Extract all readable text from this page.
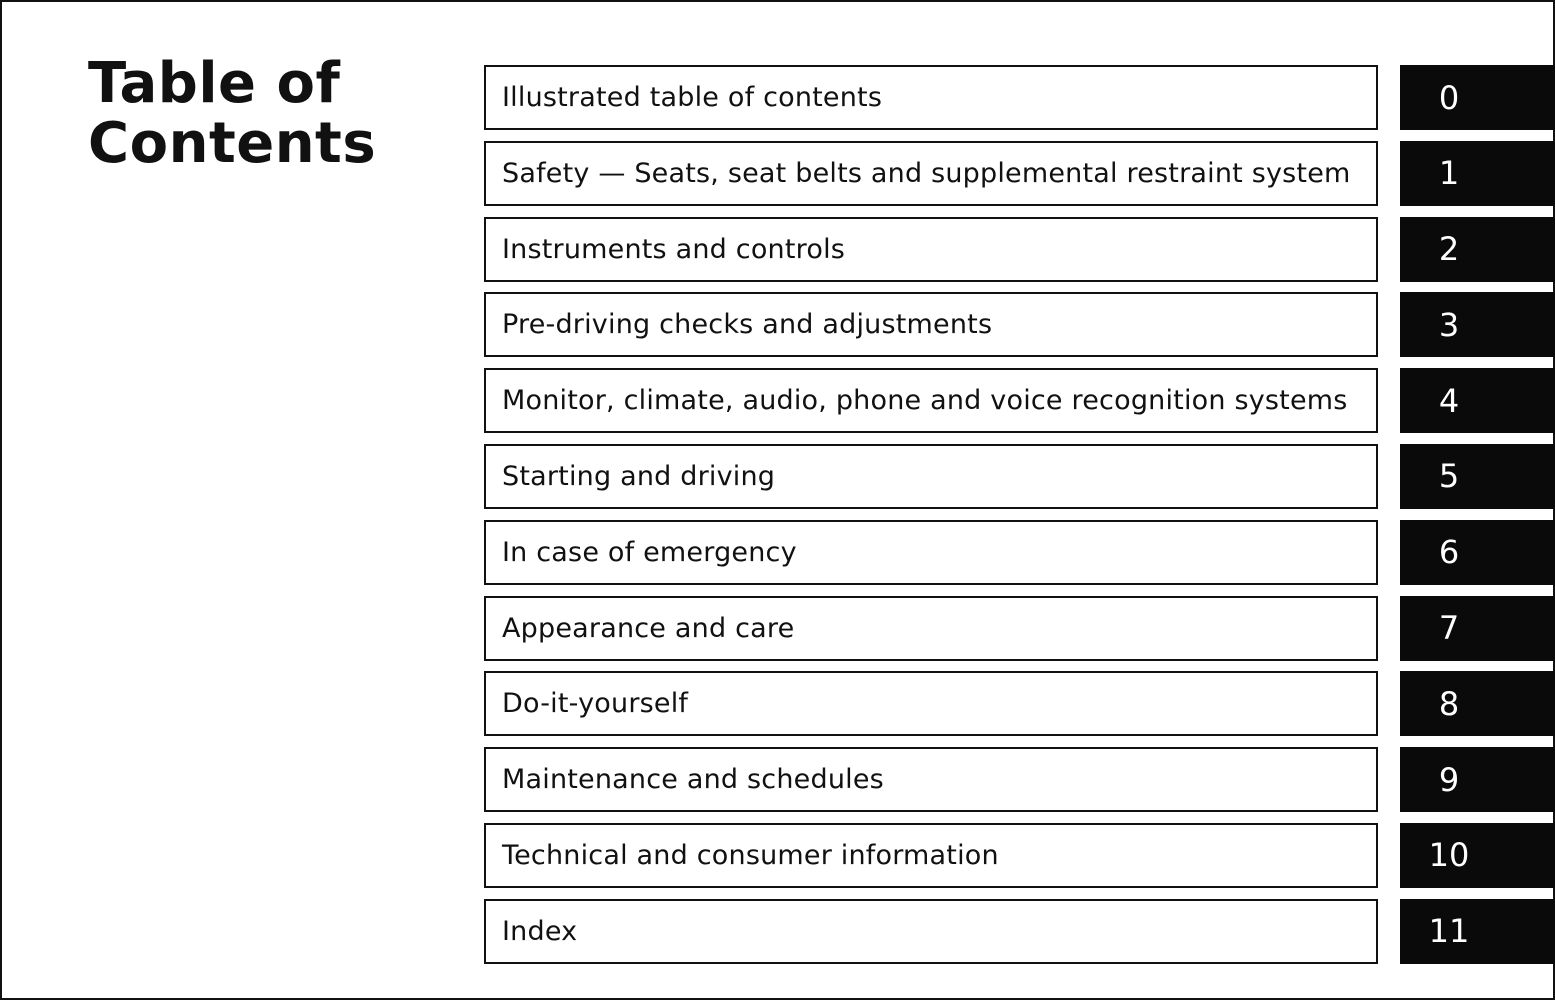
Table of
Contents
Illustrated table of contents	0
Safety — Seats, seat belts and supplemental restraint system	1
Instruments and controls	2
Pre-driving checks and adjustments	3
Monitor, climate, audio, phone and voice recognition systems	4
Starting and driving	5
In case of emergency	6
Appearance and care	7
Do-it-yourself	8
Maintenance and schedules	9
Technical and consumer information	10
Index	11
